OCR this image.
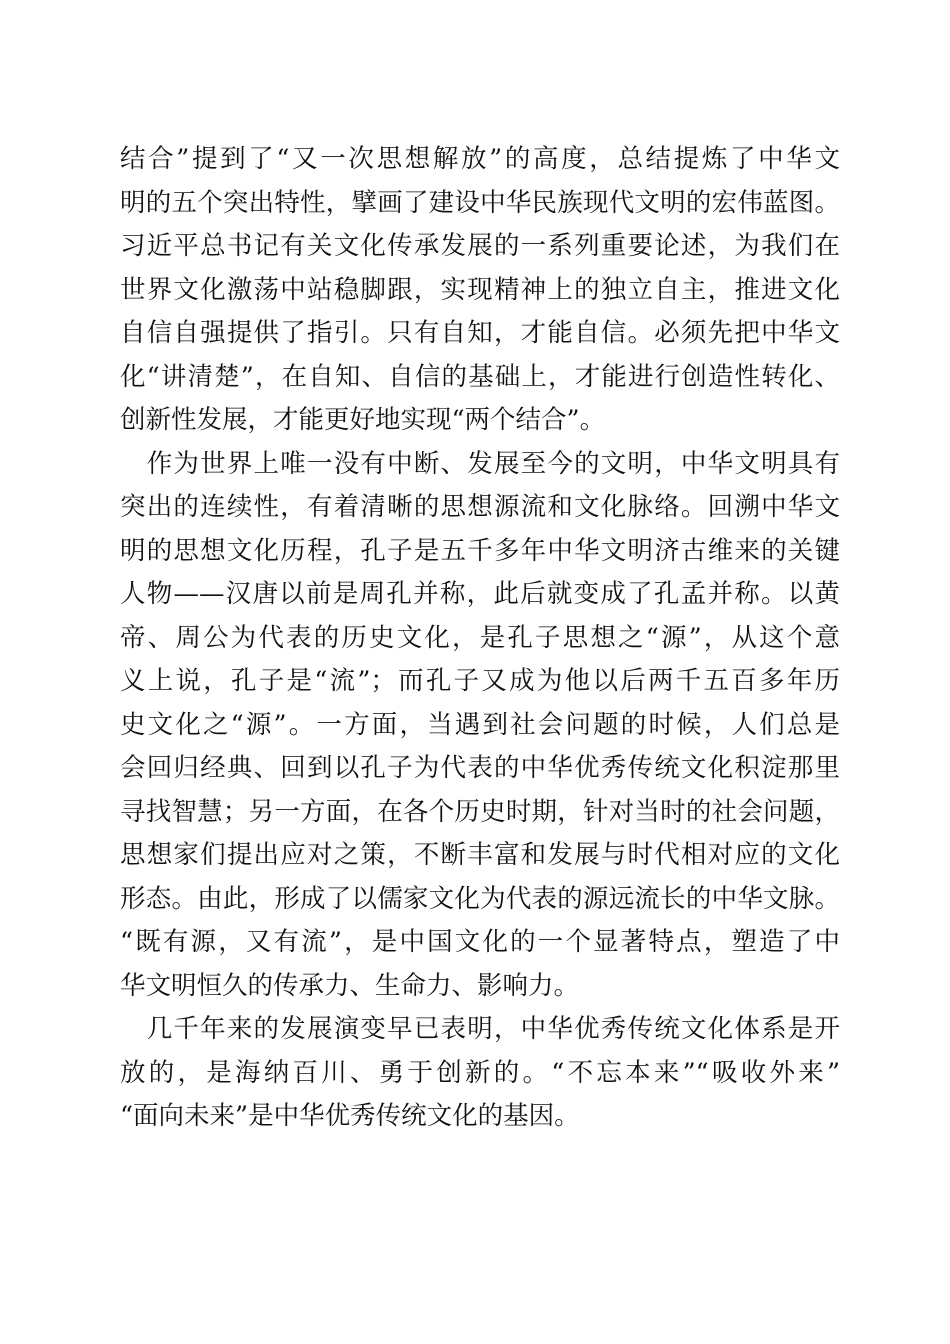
结合”提到了“又一次思想解放”的高度，总结提炼了中华文
明的五个突出特性，擘画了建设中华民族现代文明的宏伟蓝图。
习近平总书记有关文化传承发展的一系列重要论述，为我们在
世界文化激荡中站稳脚跟，实现精神上的独立自主，推进文化
自信自强提供了指引。只有自知，才能自信。必须先把中华文
化“讲清楚”，在自知、自信的基础上，才能进行创造性转化、
创新性发展，才能更好地实现“两个结合”。
　作为世界上唯一没有中断、发展至今的文明，中华文明具有
突出的连续性，有着清晰的思想源流和文化脉络。回溯中华文
明的思想文化历程，孔子是五千多年中华文明济古维来的关键
人物——汉唐以前是周孔并称，此后就变成了孔孟并称。以黄
帝、周公为代表的历史文化，是孔子思想之“源”，从这个意
义上说，孔子是“流”；而孔子又成为他以后两千五百多年历
史文化之“源”。一方面，当遇到社会问题的时候，人们总是
会回归经典、回到以孔子为代表的中华优秀传统文化积淀那里
寻找智慧；另一方面，在各个历史时期，针对当时的社会问题，
思想家们提出应对之策，不断丰富和发展与时代相对应的文化
形态。由此，形成了以儒家文化为代表的源远流长的中华文脉。
“既有源，又有流”，是中国文化的一个显著特点，塑造了中
华文明恒久的传承力、生命力、影响力。
　几千年来的发展演变早已表明，中华优秀传统文化体系是开
放的，是海纳百川、勇于创新的。“不忘本来”“吸收外来”
“面向未来”是中华优秀传统文化的基因。
